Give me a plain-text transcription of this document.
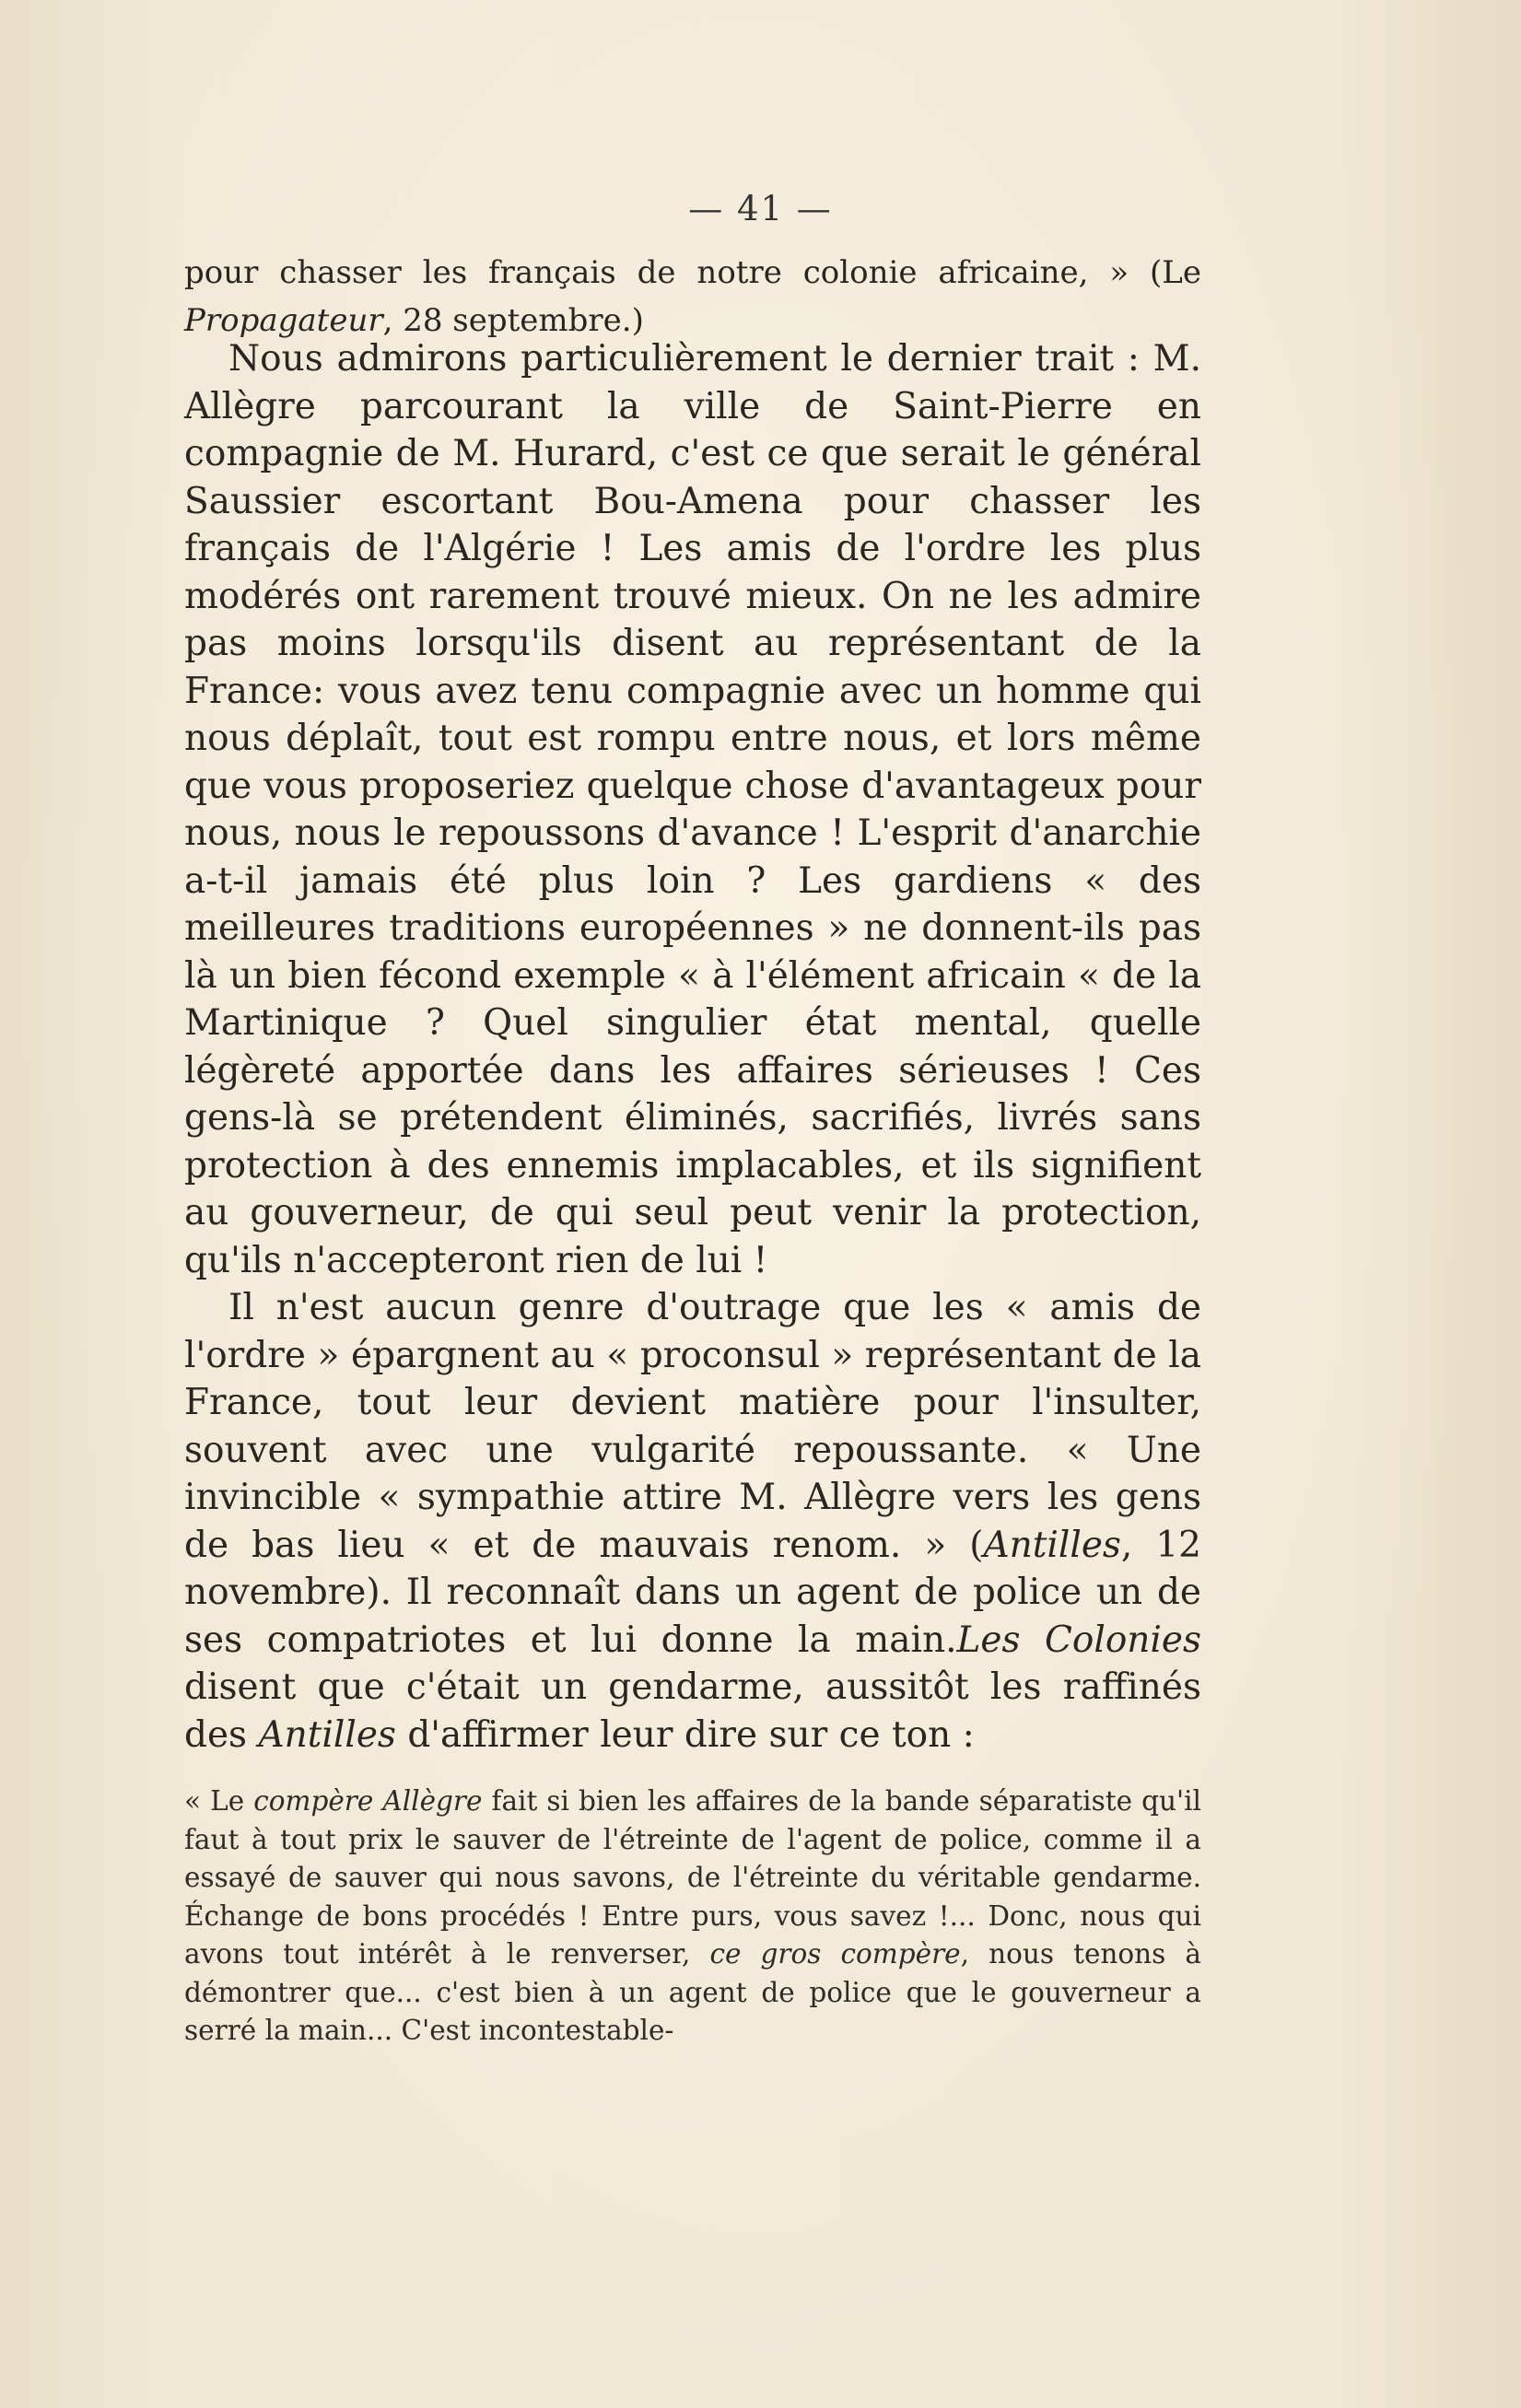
— 41 —
pour chasser les français de notre colonie africaine, » (Le Propagateur, 28 septembre.)

Nous admirons particulièrement le dernier trait : M. Allègre parcourant la ville de Saint-Pierre en compagnie de M. Hurard, c'est ce que serait le général Saussier escortant Bou-Amena pour chasser les français de l'Algérie ! Les amis de l'ordre les plus modérés ont rarement trouvé mieux. On ne les admire pas moins lorsqu'ils disent au représentant de la France: vous avez tenu compagnie avec un homme qui nous déplaît, tout est rompu entre nous, et lors même que vous proposeriez quelque chose d'avantageux pour nous, nous le repoussons d'avance ! L'esprit d'anarchie a-t-il jamais été plus loin ? Les gardiens « des meilleures traditions européennes » ne donnent-ils pas là un bien fécond exemple « à l'élément africain « de la Martinique ? Quel singulier état mental, quelle légèreté apportée dans les affaires sérieuses ! Ces gens-là se prétendent éliminés, sacrifiés, livrés sans protection à des ennemis implacables, et ils signifient au gouverneur, de qui seul peut venir la protection, qu'ils n'accepteront rien de lui !

Il n'est aucun genre d'outrage que les « amis de l'ordre » épargnent au « proconsul » représentant de la France, tout leur devient matière pour l'insulter, souvent avec une vulgarité repoussante. « Une invincible « sympathie attire M. Allègre vers les gens de bas lieu « et de mauvais renom. » (Antilles, 12 novembre). Il reconnaît dans un agent de police un de ses compatriotes et lui donne la main.Les Colonies disent que c'était un gendarme, aussitôt les raffinés des Antilles d'affirmer leur dire sur ce ton :

« Le compère Allègre fait si bien les affaires de la bande séparatiste qu'il faut à tout prix le sauver de l'étreinte de l'agent de police, comme il a essayé de sauver qui nous savons, de l'étreinte du véritable gendarme. Échange de bons procédés ! Entre purs, vous savez !... Donc, nous qui avons tout intérêt à le renverser, ce gros compère, nous tenons à démontrer que... c'est bien à un agent de police que le gouverneur a serré la main... C'est incontestable-
